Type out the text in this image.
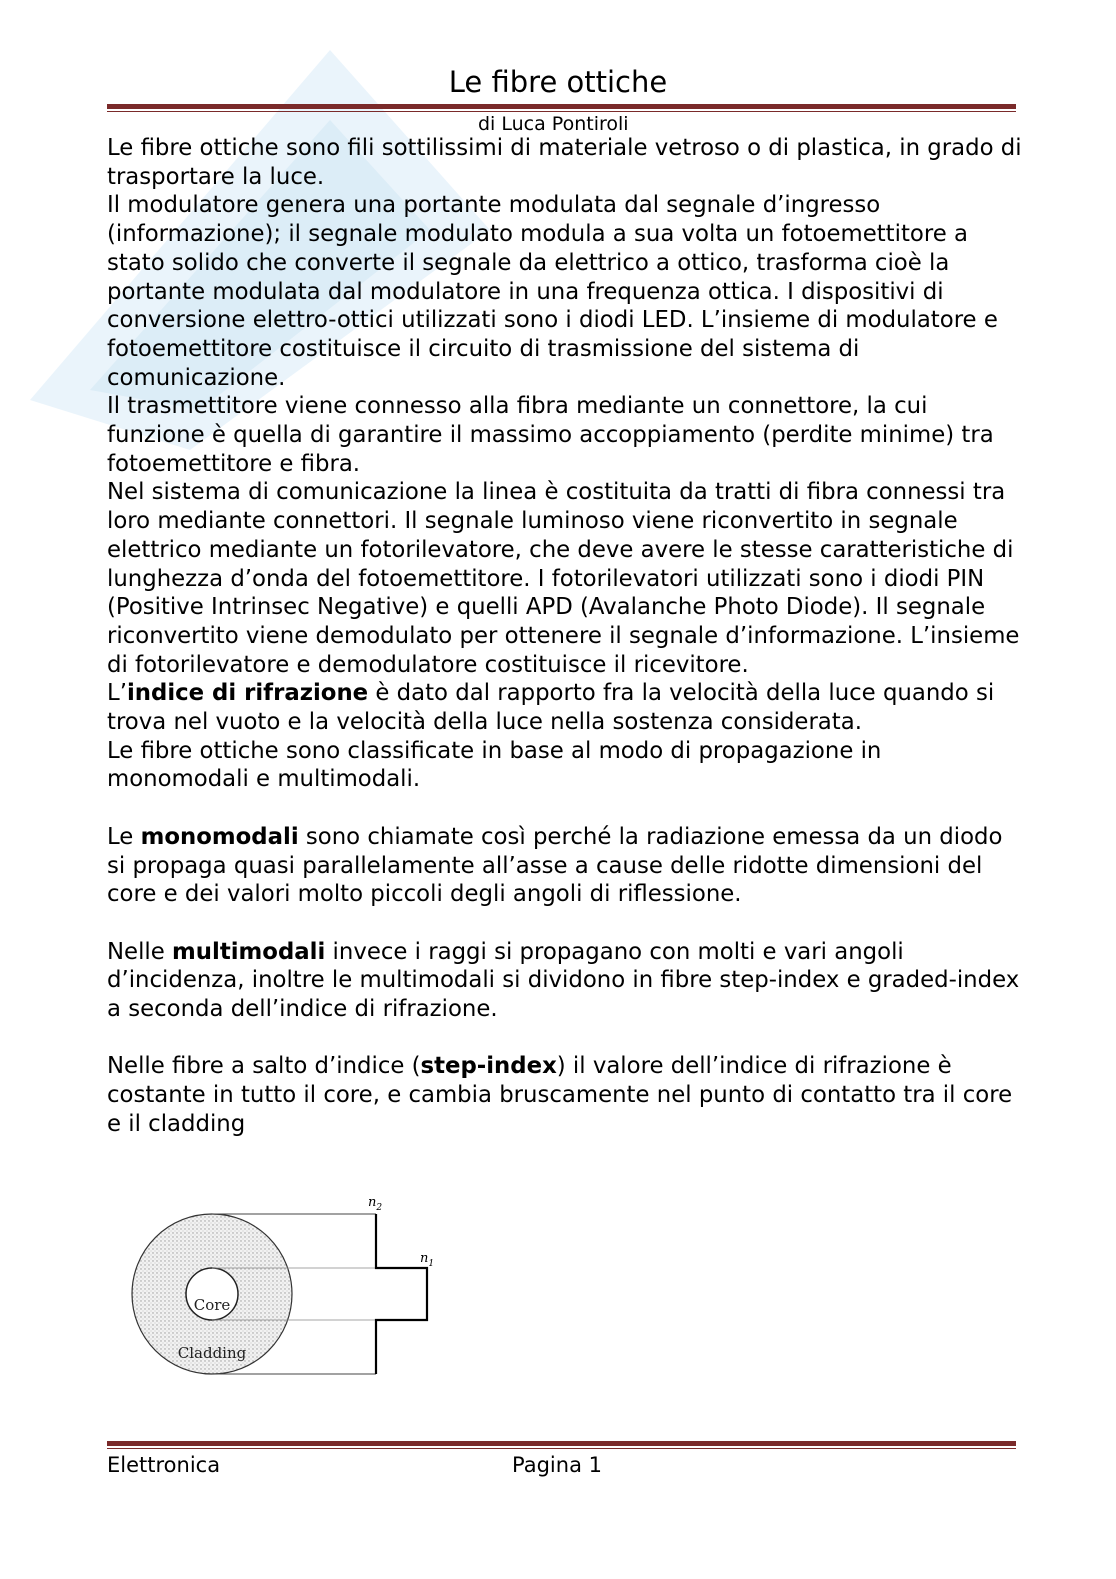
Le fibre ottiche
di Luca Pontiroli

Le fibre ottiche sono fili sottilissimi di materiale vetroso o di plastica, in grado di trasportare la luce.

Il modulatore genera una portante modulata dal segnale d’ingresso (informazione); il segnale modulato modula a sua volta un fotoemettitore a stato solido che converte il segnale da elettrico a ottico, trasforma cioè la portante modulata dal modulatore in una frequenza ottica. I dispositivi di conversione elettro-ottici utilizzati sono i diodi LED. L’insieme di modulatore e fotoemettitore costituisce il circuito di trasmissione del sistema di comunicazione.

Il trasmettitore viene connesso alla fibra mediante un connettore, la cui funzione è quella di garantire il massimo accoppiamento (perdite minime) tra fotoemettitore e fibra.

Nel sistema di comunicazione la linea è costituita da tratti di fibra connessi tra loro mediante connettori. Il segnale luminoso viene riconvertito in segnale elettrico mediante un fotorilevatore, che deve avere le stesse caratteristiche di lunghezza d’onda del fotoemettitore. I fotorilevatori utilizzati sono i diodi PIN (Positive Intrinsec Negative) e quelli APD (Avalanche Photo Diode). Il segnale riconvertito viene demodulato per ottenere il segnale d’informazione. L’insieme di fotorilevatore e demodulatore costituisce il ricevitore.

L’indice di rifrazione è dato dal rapporto fra la velocità della luce quando si trova nel vuoto e la velocità della luce nella sostenza considerata.

Le fibre ottiche sono classificate in base al modo di propagazione in monomodali e multimodali.

Le monomodali sono chiamate così perché la radiazione emessa da un diodo si propaga quasi parallelamente all’asse a cause delle ridotte dimensioni del core e dei valori molto piccoli degli angoli di riflessione.

Nelle multimodali invece i raggi si propagano con molti e vari angoli d’incidenza, inoltre le multimodali si dividono in fibre step-index e graded-index a seconda dell’indice di rifrazione.

Nelle fibre a salto d’indice (step-index) il valore dell’indice di rifrazione è costante in tutto il core, e cambia bruscamente nel punto di contatto tra il core e il cladding

Core
Cladding
$n_2$
$n_1$
Elettronica	Pagina 1
